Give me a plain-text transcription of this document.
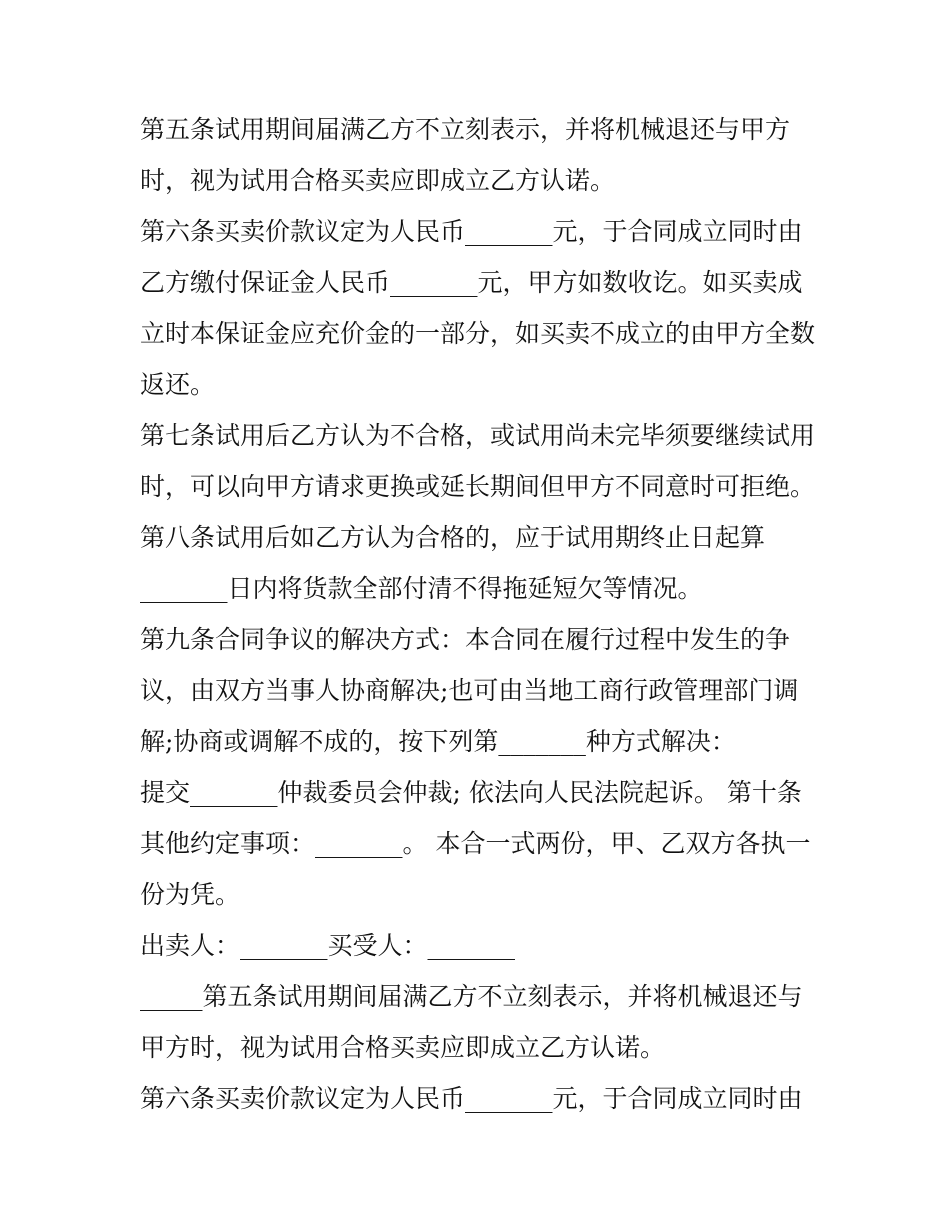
第五条试用期间届满乙方不立刻表示，并将机械退还与甲方
时，视为试用合格买卖应即成立乙方认诺。
第六条买卖价款议定为人民币_______元，于合同成立同时由
乙方缴付保证金人民币_______元，甲方如数收讫。如买卖成
立时本保证金应充价金的一部分，如买卖不成立的由甲方全数
返还。
第七条试用后乙方认为不合格，或试用尚未完毕须要继续试用
时，可以向甲方请求更换或延长期间但甲方不同意时可拒绝。
第八条试用后如乙方认为合格的，应于试用期终止日起算
_______日内将货款全部付清不得拖延短欠等情况。
第九条合同争议的解决方式：本合同在履行过程中发生的争
议，由双方当事人协商解决;也可由当地工商行政管理部门调
解;协商或调解不成的，按下列第_______种方式解决：
提交_______仲裁委员会仲裁; 依法向人民法院起诉。 第十条
其他约定事项：_______。 本合一式两份，甲、乙双方各执一
份为凭。
出卖人：_______买受人：_______
_____第五条试用期间届满乙方不立刻表示，并将机械退还与
甲方时，视为试用合格买卖应即成立乙方认诺。
第六条买卖价款议定为人民币_______元，于合同成立同时由
